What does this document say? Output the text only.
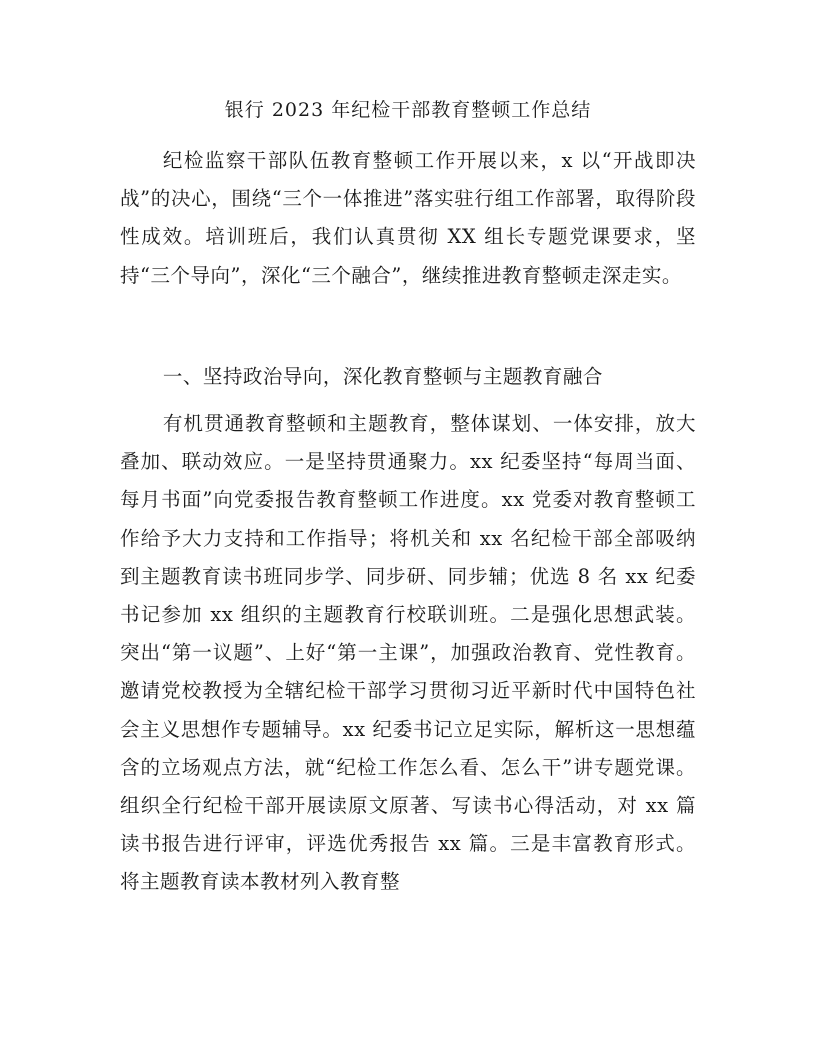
银行 2023 年纪检干部教育整顿工作总结

纪检监察干部队伍教育整顿工作开展以来，x 以“开战即决战”的决心，围绕“三个一体推进”落实驻行组工作部署，取得阶段性成效。培训班后，我们认真贯彻 XX 组长专题党课要求，坚持“三个导向”，深化“三个融合”，继续推进教育整顿走深走实。

一、坚持政治导向，深化教育整顿与主题教育融合

有机贯通教育整顿和主题教育，整体谋划、一体安排，放大叠加、联动效应。一是坚持贯通聚力。xx 纪委坚持“每周当面、每月书面”向党委报告教育整顿工作进度。xx 党委对教育整顿工作给予大力支持和工作指导；将机关和 xx 名纪检干部全部吸纳到主题教育读书班同步学、同步研、同步辅；优选 8 名 xx 纪委书记参加 xx 组织的主题教育行校联训班。二是强化思想武装。突出“第一议题”、上好“第一主课”，加强政治教育、党性教育。邀请党校教授为全辖纪检干部学习贯彻习近平新时代中国特色社会主义思想作专题辅导。xx 纪委书记立足实际，解析这一思想蕴含的立场观点方法，就“纪检工作怎么看、怎么干”讲专题党课。组织全行纪检干部开展读原文原著、写读书心得活动，对 xx 篇读书报告进行评审，评选优秀报告 xx 篇。三是丰富教育形式。将主题教育读本教材列入教育整
